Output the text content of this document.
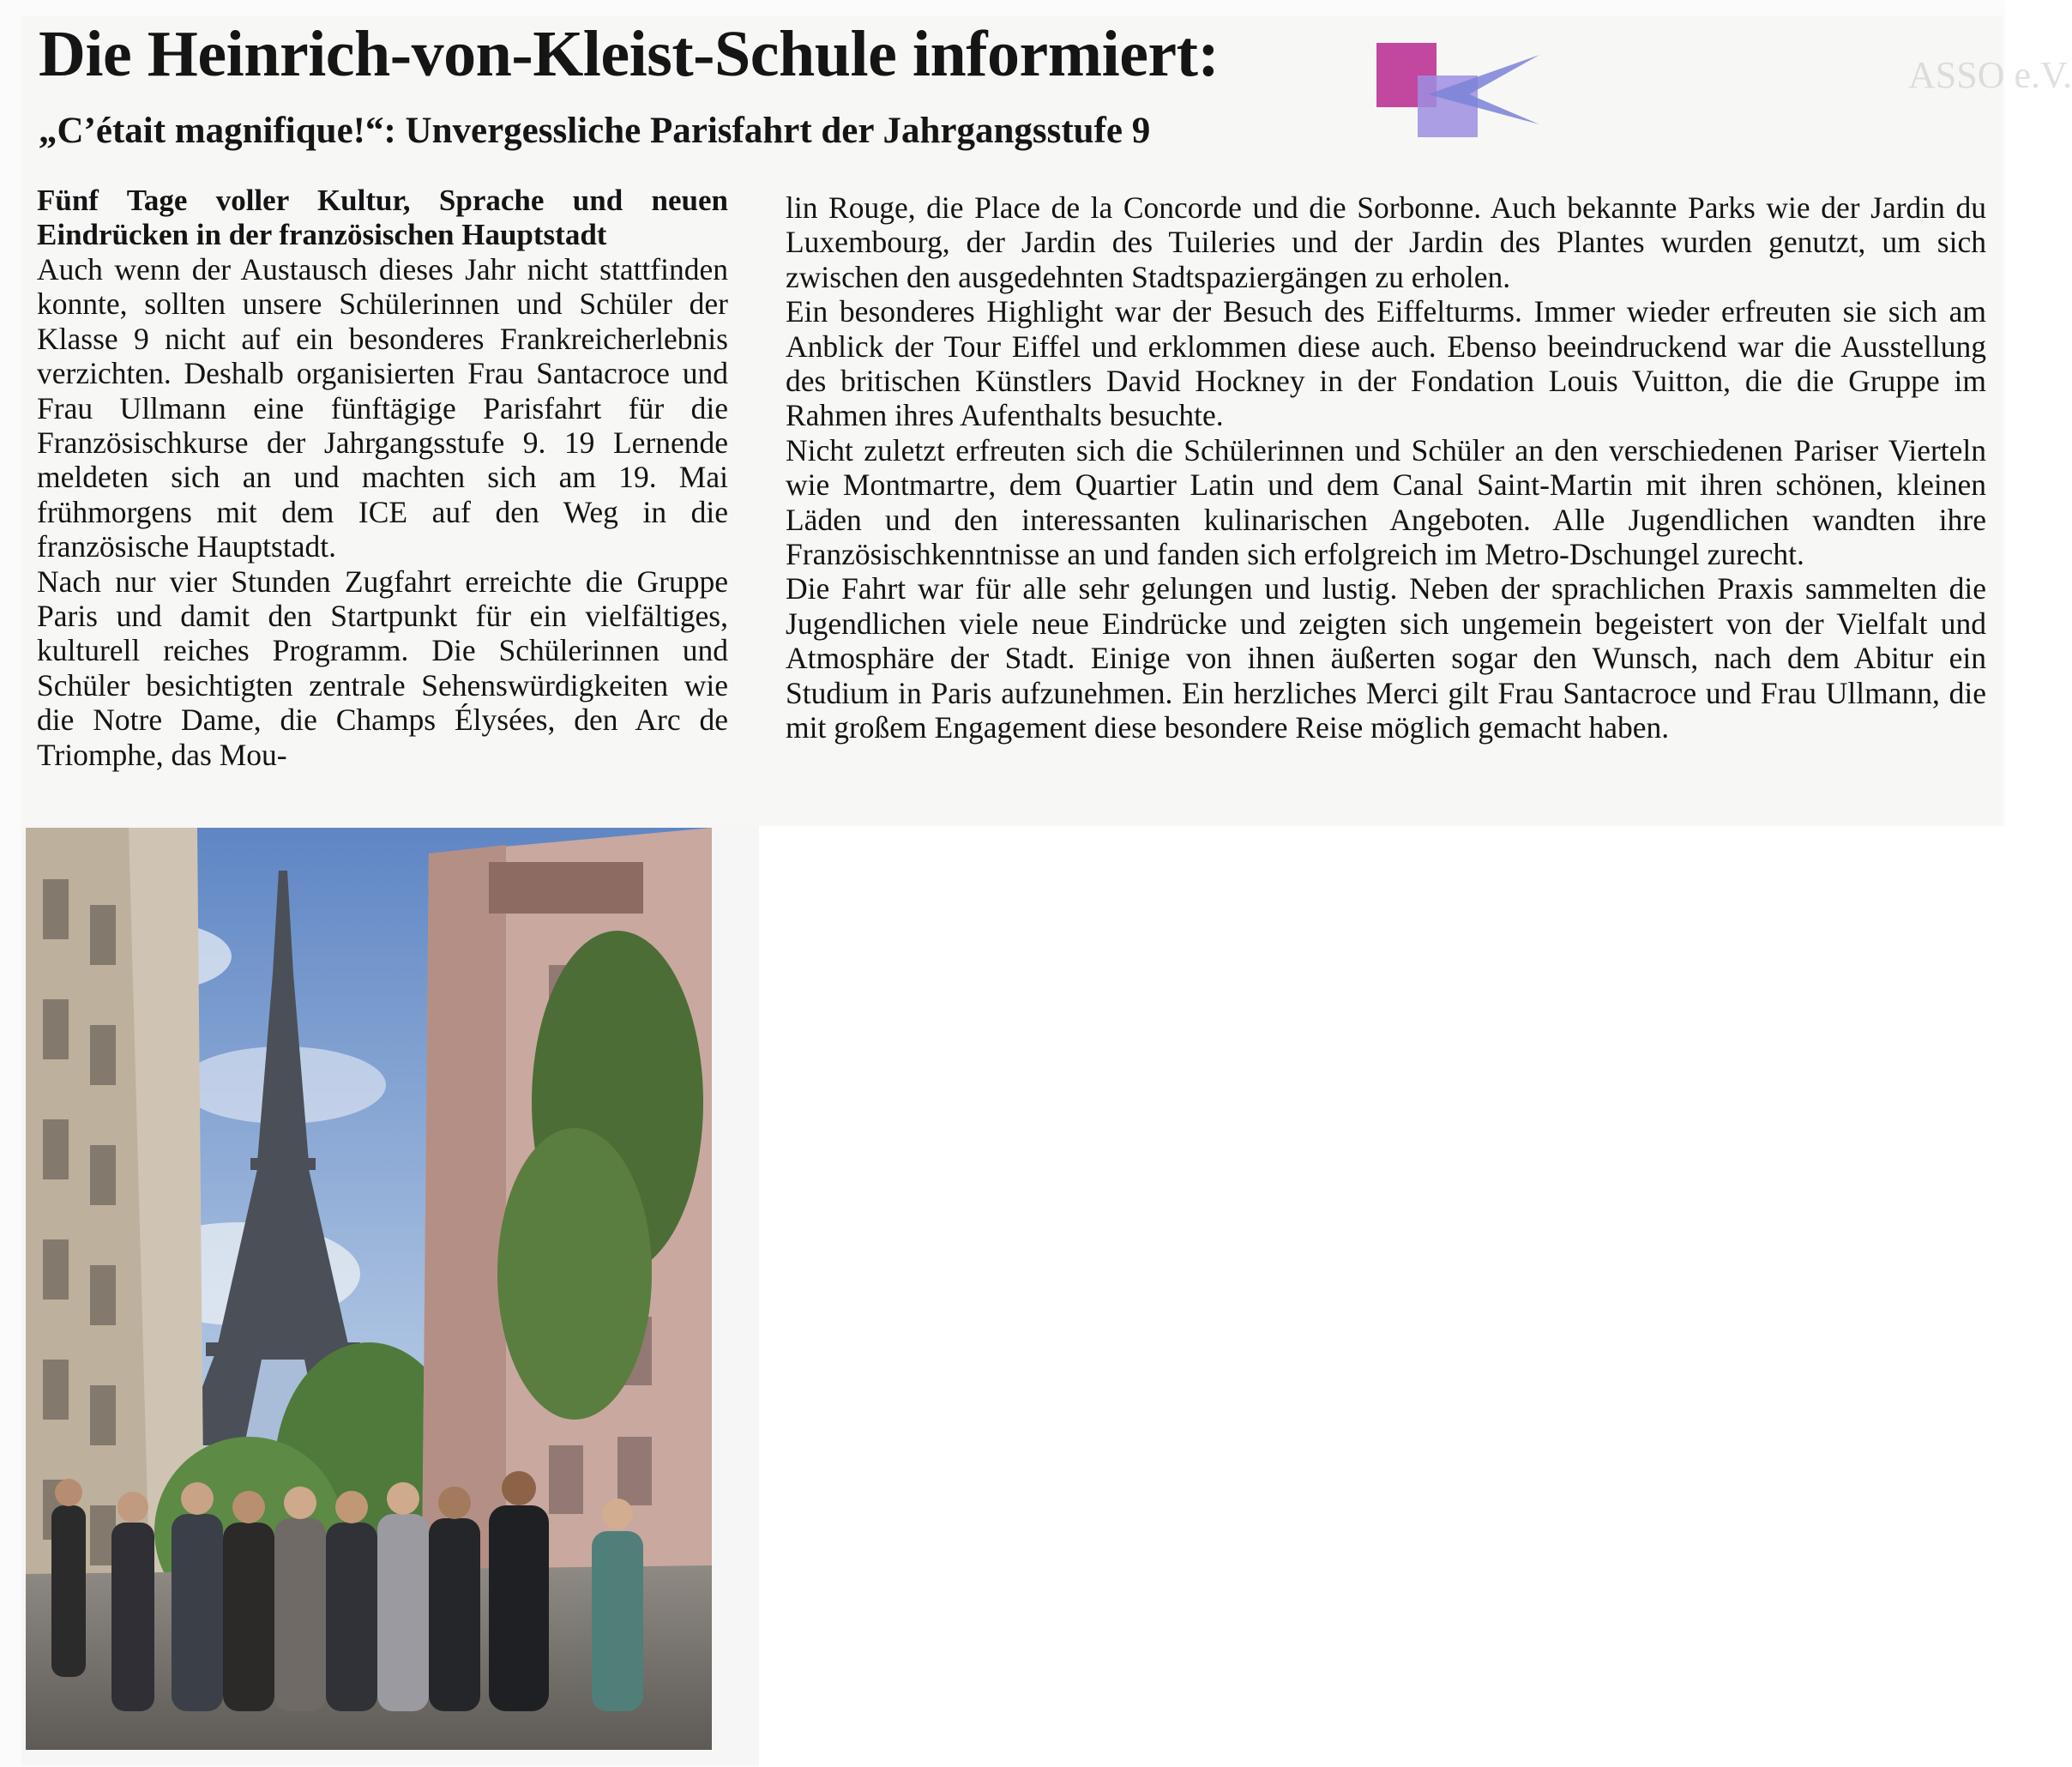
ASSO e.V.
Die Heinrich-von-Kleist-Schule informiert:
„C’était magnifique!“: Unvergessliche Parisfahrt der Jahrgangsstufe 9

Fünf Tage voller Kultur, Sprache und neuen Eindrücken in der französischen Hauptstadt

Auch wenn der Austausch dieses Jahr nicht stattfinden konnte, sollten unsere Schülerinnen und Schüler der Klasse 9 nicht auf ein besonderes Frankreicherlebnis verzichten. Deshalb organisierten Frau Santacroce und Frau Ullmann eine fünftägige Parisfahrt für die Französischkurse der Jahrgangsstufe 9. 19 Lernende meldeten sich an und machten sich am 19. Mai frühmorgens mit dem ICE auf den Weg in die französische Hauptstadt.

Nach nur vier Stunden Zugfahrt erreichte die Gruppe Paris und damit den Startpunkt für ein vielfältiges, kulturell reiches Programm. Die Schülerinnen und Schüler besichtigten zentrale Sehenswürdigkeiten wie die Notre Dame, die Champs Élysées, den Arc de Triomphe, das Mou-

lin Rouge, die Place de la Concorde und die Sorbonne. Auch bekannte Parks wie der Jardin du Luxembourg, der Jardin des Tuileries und der Jardin des Plantes wurden genutzt, um sich zwischen den ausgedehnten Stadtspaziergängen zu erholen.

Ein besonderes Highlight war der Besuch des Eiffelturms. Immer wieder erfreuten sie sich am Anblick der Tour Eiffel und erklommen diese auch. Ebenso beeindruckend war die Ausstellung des britischen Künstlers David Hockney in der Fondation Louis Vuitton, die die Gruppe im Rahmen ihres Aufenthalts besuchte.

Nicht zuletzt erfreuten sich die Schülerinnen und Schüler an den verschiedenen Pariser Vierteln wie Montmartre, dem Quartier Latin und dem Canal Saint-Martin mit ihren schönen, kleinen Läden und den interessanten kulinarischen Angeboten. Alle Jugendlichen wandten ihre Französischkenntnisse an und fanden sich erfolgreich im Metro-Dschungel zurecht.

Die Fahrt war für alle sehr gelungen und lustig. Neben der sprachlichen Praxis sammelten die Jugendlichen viele neue Eindrücke und zeigten sich ungemein begeistert von der Vielfalt und Atmosphäre der Stadt. Einige von ihnen äußerten sogar den Wunsch, nach dem Abitur ein Studium in Paris aufzunehmen. Ein herzliches Merci gilt Frau Santacroce und Frau Ullmann, die mit großem Engagement diese besondere Reise möglich gemacht haben.
